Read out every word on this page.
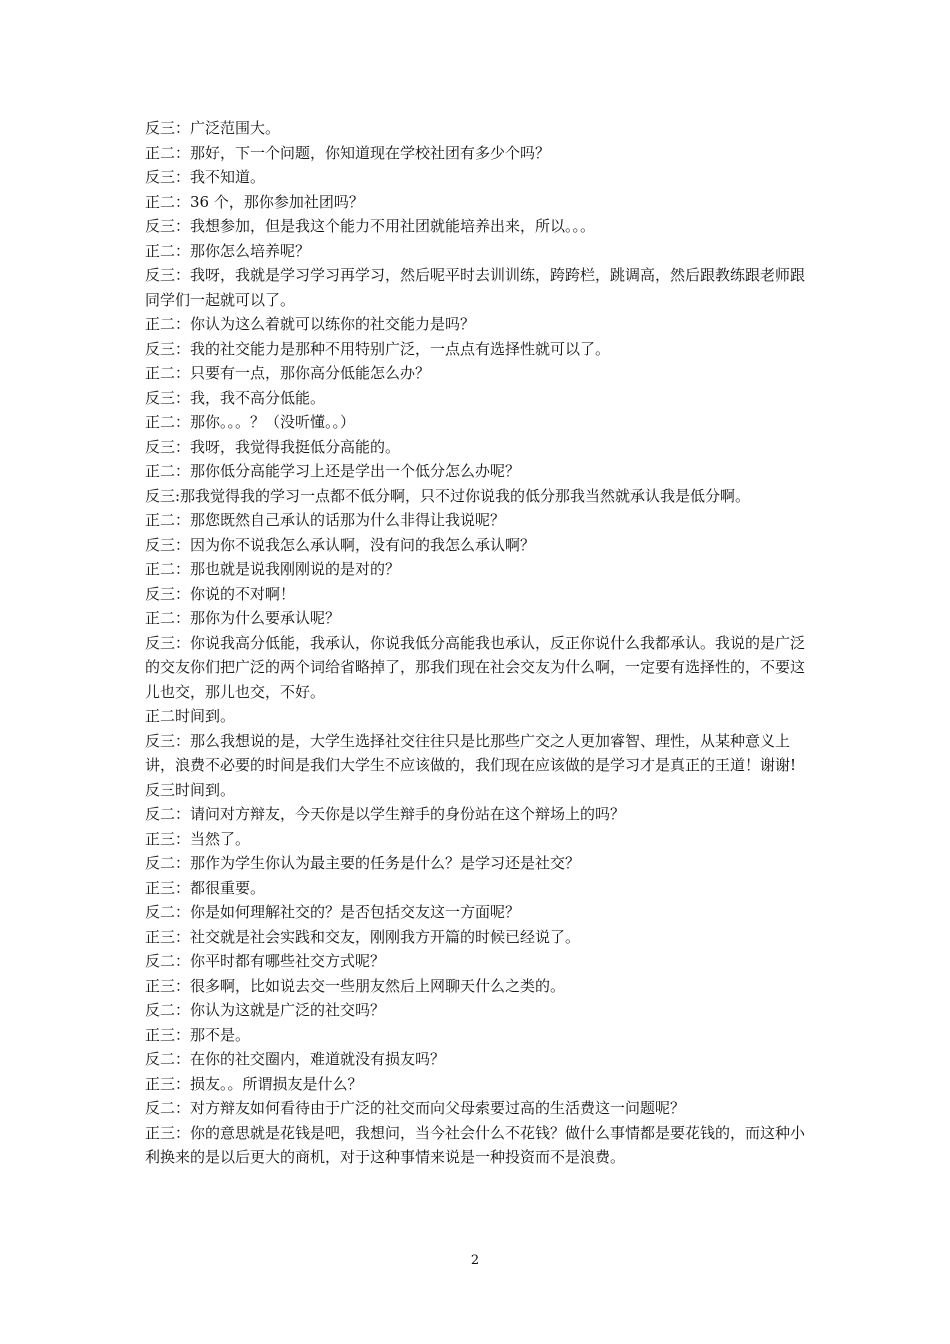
反三：广泛范围大。

正二：那好，下一个问题，你知道现在学校社团有多少个吗？

反三：我不知道。

正二：36 个，那你参加社团吗？

反三：我想参加，但是我这个能力不用社团就能培养出来，所以。。。

正二：那你怎么培养呢？

反三：我呀，我就是学习学习再学习，然后呢平时去训训练，跨跨栏，跳调高，然后跟教练跟老师跟同学们一起就可以了。

正二：你认为这么着就可以练你的社交能力是吗？

反三：我的社交能力是那种不用特别广泛，一点点有选择性就可以了。

正二：只要有一点，那你高分低能怎么办？

反三：我，我不高分低能。

正二：那你。。。？（没听懂。。）

反三：我呀，我觉得我挺低分高能的。

正二：那你低分高能学习上还是学出一个低分怎么办呢？

反三:那我觉得我的学习一点都不低分啊，只不过你说我的低分那我当然就承认我是低分啊。

正二：那您既然自己承认的话那为什么非得让我说呢？

反三：因为你不说我怎么承认啊，没有问的我怎么承认啊？

正二：那也就是说我刚刚说的是对的？

反三：你说的不对啊！

正二：那你为什么要承认呢？

反三：你说我高分低能，我承认，你说我低分高能我也承认，反正你说什么我都承认。我说的是广泛的交友你们把广泛的两个词给省略掉了，那我们现在社会交友为什么啊，一定要有选择性的，不要这儿也交，那儿也交，不好。

正二时间到。

反三：那么我想说的是，大学生选择社交往往只是比那些广交之人更加睿智、理性，从某种意义上讲，浪费不必要的时间是我们大学生不应该做的，我们现在应该做的是学习才是真正的王道！谢谢!

反三时间到。

反二：请问对方辩友，今天你是以学生辩手的身份站在这个辩场上的吗？

正三：当然了。

反二：那作为学生你认为最主要的任务是什么？是学习还是社交？

正三：都很重要。

反二：你是如何理解社交的？是否包括交友这一方面呢？

正三：社交就是社会实践和交友，刚刚我方开篇的时候已经说了。

反二：你平时都有哪些社交方式呢？

正三：很多啊，比如说去交一些朋友然后上网聊天什么之类的。

反二：你认为这就是广泛的社交吗？

正三：那不是。

反二：在你的社交圈内，难道就没有损友吗？

正三：损友。。所谓损友是什么？

反二：对方辩友如何看待由于广泛的社交而向父母索要过高的生活费这一问题呢？

正三：你的意思就是花钱是吧，我想问，当今社会什么不花钱？做什么事情都是要花钱的，而这种小利换来的是以后更大的商机，对于这种事情来说是一种投资而不是浪费。

2
